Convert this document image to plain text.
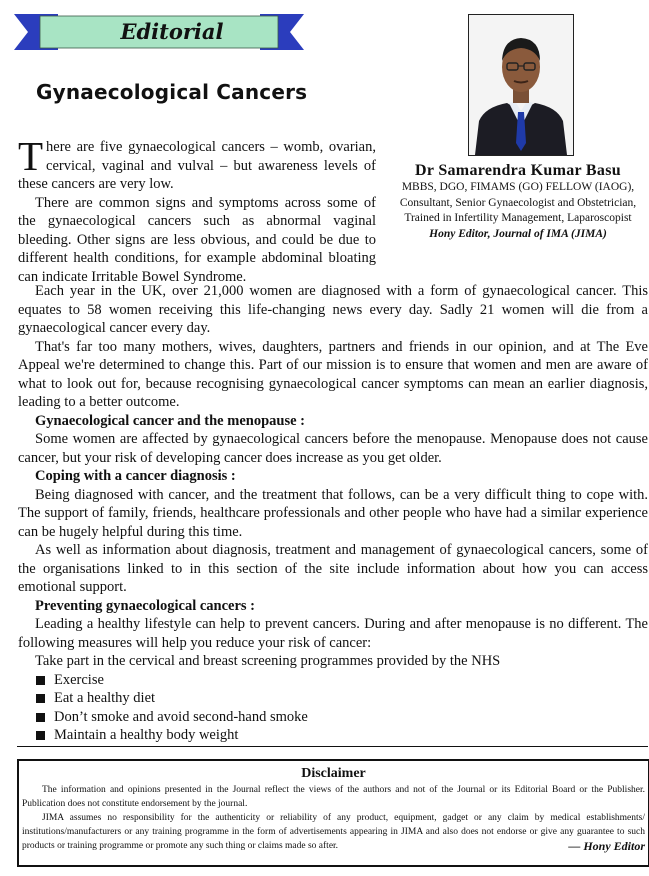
Editorial
Gynaecological Cancers
Dr Samarendra Kumar Basu
MBBS, DGO, FIMAMS (GO) FELLOW (IAOG),
Consultant, Senior Gynaecologist and Obstetrician,
Trained in Infertility Management, Laparoscopist
Hony Editor, Journal of IMA (JIMA)

There are five gynaecological cancers – womb, ovarian, cervical, vaginal and vulval – but awareness levels of these cancers are very low.

There are common signs and symptoms across some of the gynaecological cancers such as abnormal vaginal bleeding. Other signs are less obvious, and could be due to different health conditions, for example abdominal bloating can indicate Irritable Bowel Syndrome.

Each year in the UK, over 21,000 women are diagnosed with a form of gynaecological cancer. This equates to 58 women receiving this life-changing news every day. Sadly 21 women will die from a gynaecological cancer every day.

That's far too many mothers, wives, daughters, partners and friends in our opinion, and at The Eve Appeal we're determined to change this. Part of our mission is to ensure that women and men are aware of what to look out for, because recognising gynaecological cancer symptoms can mean an earlier diagnosis, leading to a better outcome.

Gynaecological cancer and the menopause :

Some women are affected by gynaecological cancers before the menopause. Menopause does not cause cancer, but your risk of developing cancer does increase as you get older.

Coping with a cancer diagnosis :

Being diagnosed with cancer, and the treatment that follows, can be a very difficult thing to cope with. The support of family, friends, healthcare professionals and other people who have had a similar experience can be hugely helpful during this time.

As well as information about diagnosis, treatment and management of gynaecological cancers, some of the organisations linked to in this section of the site include information about how you can access emotional support.

Preventing gynaecological cancers :

Leading a healthy lifestyle can help to prevent cancers. During and after menopause is no different. The following measures will help you reduce your risk of cancer:

Take part in the cervical and breast screening programmes provided by the NHS

Exercise
Eat a healthy diet
Don’t smoke and avoid second-hand smoke
Maintain a healthy body weight
Disclaimer

The information and opinions presented in the Journal reflect the views of the authors and not of the Journal or its Editorial Board or the Publisher. Publication does not constitute endorsement by the journal.

JIMA assumes no responsibility for the authenticity or reliability of any product, equipment, gadget or any claim by medical establishments/ institutions/manufacturers or any training programme in the form of advertisements appearing in JIMA and also does not endorse or give any guarantee to such products or training programme or promote any such thing or claims made so after.	— Hony Editor
